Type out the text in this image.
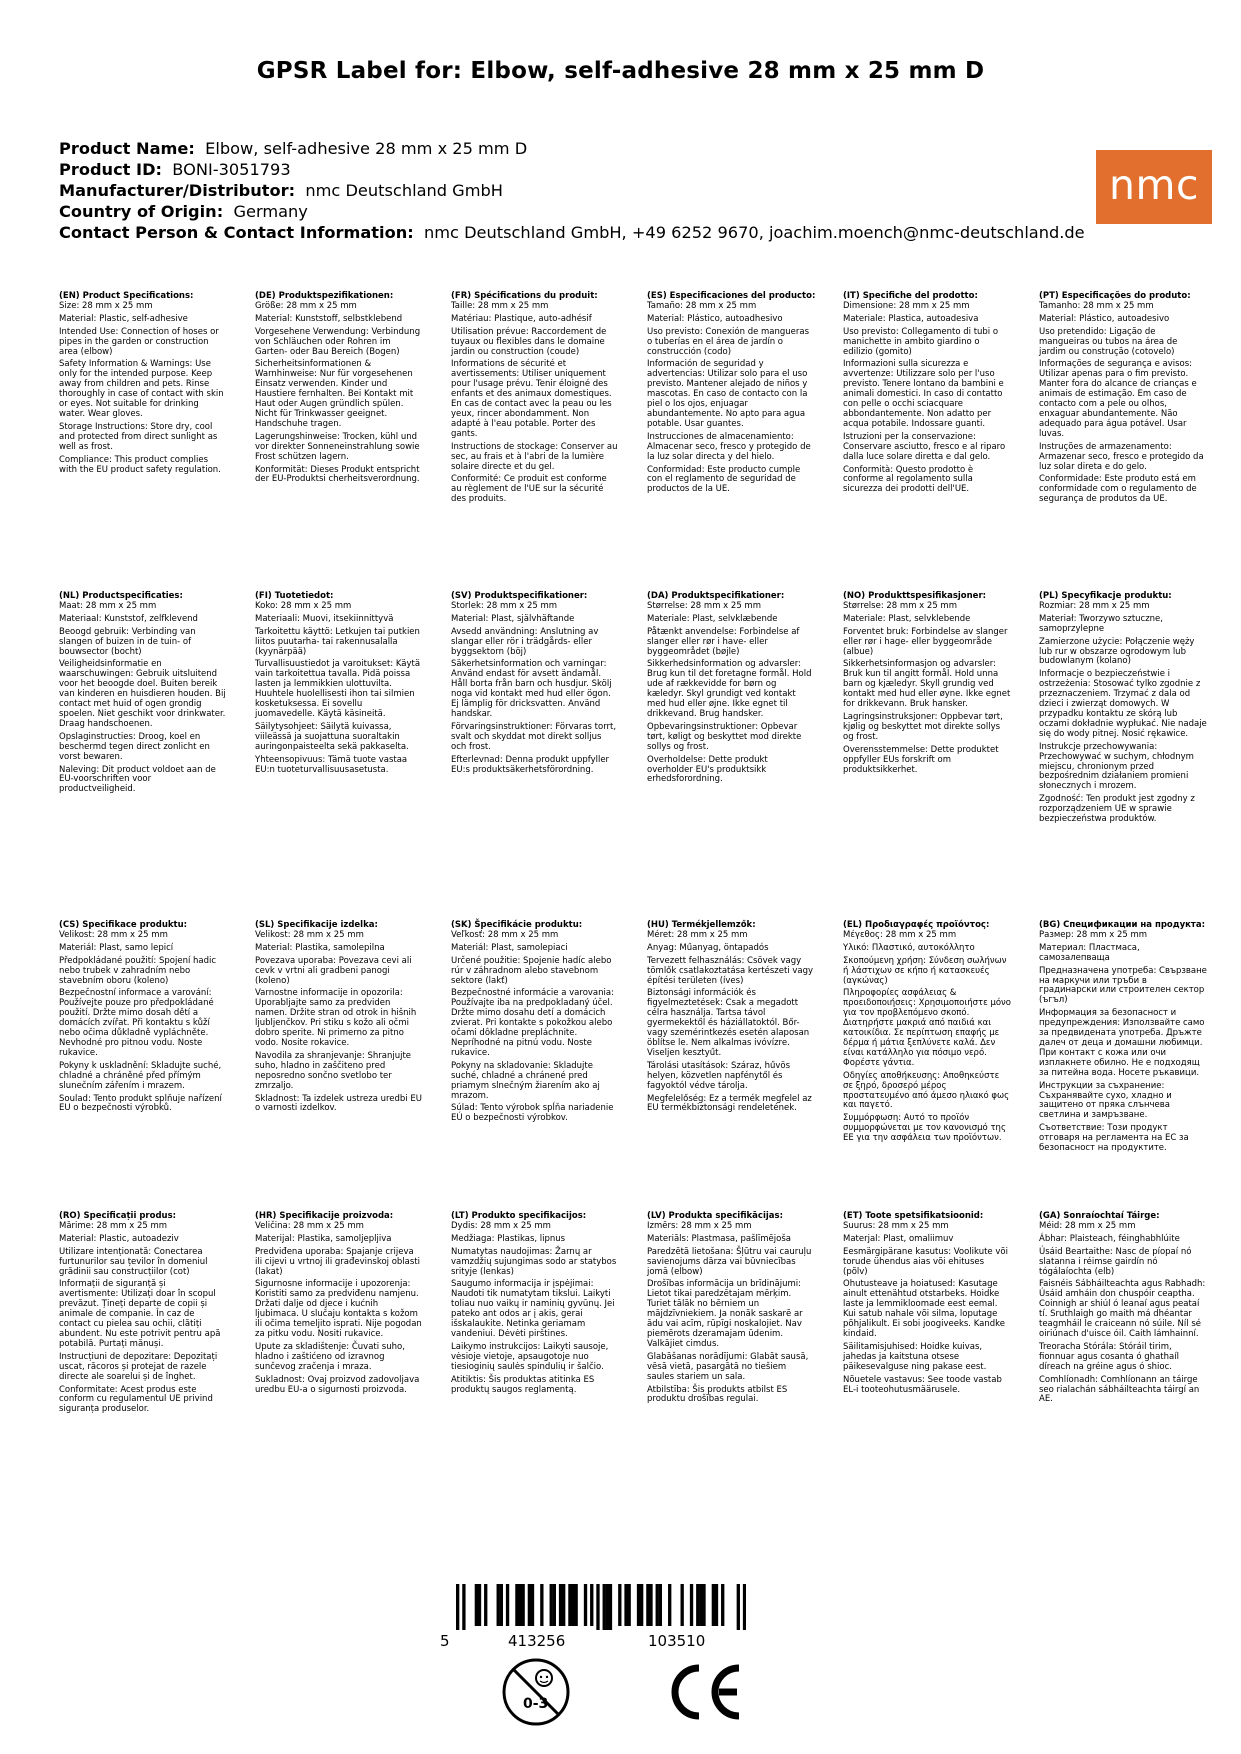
GPSR Label for: Elbow, self-adhesive 28 mm x 25 mm D
Product Name: Elbow, self-adhesive 28 mm x 25 mm D
Product ID: BONI-3051793
Manufacturer/Distributor: nmc Deutschland GmbH
Country of Origin: Germany
Contact Person & Contact Information: nmc Deutschland GmbH, +49 6252 9670, joachim.moench@nmc-deutschland.de
nmc
(EN) Product Specifications:
Size: 28 mm x 25 mm
Material: Plastic, self-adhesive
Intended Use: Connection of hoses or pipes in the garden or construction area (elbow)
Safety Information & Warnings: Use only for the intended purpose. Keep away from children and pets. Rinse thoroughly in case of contact with skin or eyes. Not suitable for drinking water. Wear gloves.
Storage Instructions: Store dry, cool and protected from direct sunlight as well as frost.
Compliance: This product complies with the EU product safety regulation.
(DE) Produktspezifikationen:
Größe: 28 mm x 25 mm
Material: Kunststoff, selbstklebend
Vorgesehene Verwendung: Verbindung von Schläuchen oder Rohren im Garten- oder Bau Bereich (Bogen)
Sicherheitsinformationen & Warnhinweise: Nur für vorgesehenen Einsatz verwenden. Kinder und Haustiere fernhalten. Bei Kontakt mit Haut oder Augen gründlich spülen. Nicht für Trinkwasser geeignet. Handschuhe tragen.
Lagerungshinweise: Trocken, kühl und vor direkter Sonneneinstrahlung sowie Frost schützen lagern.
Konformität: Dieses Produkt entspricht der EU-Produktsi cherheitsverordnung.
(FR) Spécifications du produit:
Taille: 28 mm x 25 mm
Matériau: Plastique, auto-adhésif
Utilisation prévue: Raccordement de tuyaux ou flexibles dans le domaine jardin ou construction (coude)
Informations de sécurité et avertissements: Utiliser uniquement pour l'usage prévu. Tenir éloigné des enfants et des animaux domestiques. En cas de contact avec la peau ou les yeux, rincer abondamment. Non adapté à l'eau potable. Porter des gants.
Instructions de stockage: Conserver au sec, au frais et à l'abri de la lumière solaire directe et du gel.
Conformité: Ce produit est conforme au règlement de l'UE sur la sécurité des produits.
(ES) Especificaciones del producto:
Tamaño: 28 mm x 25 mm
Material: Plástico, autoadhesivo
Uso previsto: Conexión de mangueras o tuberías en el área de jardín o construcción (codo)
Información de seguridad y advertencias: Utilizar solo para el uso previsto. Mantener alejado de niños y mascotas. En caso de contacto con la piel o los ojos, enjuagar abundantemente. No apto para agua potable. Usar guantes.
Instrucciones de almacenamiento: Almacenar seco, fresco y protegido de la luz solar directa y del hielo.
Conformidad: Este producto cumple con el reglamento de seguridad de productos de la UE.
(IT) Specifiche del prodotto:
Dimensione: 28 mm x 25 mm
Materiale: Plastica, autoadesiva
Uso previsto: Collegamento di tubi o manichette in ambito giardino o edilizio (gomito)
Informazioni sulla sicurezza e avvertenze: Utilizzare solo per l'uso previsto. Tenere lontano da bambini e animali domestici. In caso di contatto con pelle o occhi sciacquare abbondantemente. Non adatto per acqua potabile. Indossare guanti.
Istruzioni per la conservazione: Conservare asciutto, fresco e al riparo dalla luce solare diretta e dal gelo.
Conformità: Questo prodotto è conforme al regolamento sulla sicurezza dei prodotti dell'UE.
(PT) Especificações do produto:
Tamanho: 28 mm x 25 mm
Material: Plástico, autoadesivo
Uso pretendido: Ligação de mangueiras ou tubos na área de jardim ou construção (cotovelo)
Informações de segurança e avisos: Utilizar apenas para o fim previsto. Manter fora do alcance de crianças e animais de estimação. Em caso de contacto com a pele ou olhos, enxaguar abundantemente. Não adequado para água potável. Usar luvas.
Instruções de armazenamento: Armazenar seco, fresco e protegido da luz solar direta e do gelo.
Conformidade: Este produto está em conformidade com o regulamento de segurança de produtos da UE.
(NL) Productspecificaties:
Maat: 28 mm x 25 mm
Materiaal: Kunststof, zelfklevend
Beoogd gebruik: Verbinding van slangen of buizen in de tuin- of bouwsector (bocht)
Veiligheidsinformatie en waarschuwingen: Gebruik uitsluitend voor het beoogde doel. Buiten bereik van kinderen en huisdieren houden. Bij contact met huid of ogen grondig spoelen. Niet geschikt voor drinkwater. Draag handschoenen.
Opslaginstructies: Droog, koel en beschermd tegen direct zonlicht en vorst bewaren.
Naleving: Dit product voldoet aan de EU-voorschriften voor productveiligheid.
(FI) Tuotetiedot:
Koko: 28 mm x 25 mm
Materiaali: Muovi, itsekiinnittyvä
Tarkoitettu käyttö: Letkujen tai putkien liitos puutarha- tai rakennusalalla (kyynärpää)
Turvallisuustiedot ja varoitukset: Käytä vain tarkoitettua tavalla. Pidä poissa lasten ja lemmikkien ulottuvilta. Huuhtele huolellisesti ihon tai silmien kosketuksessa. Ei sovellu juomavedelle. Käytä käsineitä.
Säilytysohjeet: Säilytä kuivassa, viileässä ja suojattuna suoraltakin auringonpaisteelta sekä pakkaselta.
Yhteensopivuus: Tämä tuote vastaa EU:n tuoteturvallisuusasetusta.
(SV) Produktspecifikationer:
Storlek: 28 mm x 25 mm
Material: Plast, självhäftande
Avsedd användning: Anslutning av slangar eller rör i trädgårds- eller byggsektorn (böj)
Säkerhetsinformation och varningar: Använd endast för avsett ändamål. Håll borta från barn och husdjur. Skölj noga vid kontakt med hud eller ögon. Ej lämplig för dricksvatten. Använd handskar.
Förvaringsinstruktioner: Förvaras torrt, svalt och skyddat mot direkt solljus och frost.
Efterlevnad: Denna produkt uppfyller EU:s produktsäkerhetsförordning.
(DA) Produktspecifikationer:
Størrelse: 28 mm x 25 mm
Materiale: Plast, selvklæbende
Påtænkt anvendelse: Forbindelse af slanger eller rør i have- eller byggeområdet (bøjle)
Sikkerhedsinformation og advarsler: Brug kun til det foretagne formål. Hold ude af rækkevidde for børn og kæledyr. Skyl grundigt ved kontakt med hud eller øjne. Ikke egnet til drikkevand. Brug handsker.
Opbevaringsinstruktioner: Opbevar tørt, køligt og beskyttet mod direkte sollys og frost.
Overholdelse: Dette produkt overholder EU's produktsikk erhedsforordning.
(NO) Produkttspesifikasjoner:
Størrelse: 28 mm x 25 mm
Materiale: Plast, selvklebende
Forventet bruk: Forbindelse av slanger eller rør i hage- eller byggeområde (albue)
Sikkerhetsinformasjon og advarsler: Bruk kun til angitt formål. Hold unna barn og kjæledyr. Skyll grundig ved kontakt med hud eller øyne. Ikke egnet for drikkevann. Bruk hansker.
Lagringsinstruksjoner: Oppbevar tørt, kjølig og beskyttet mot direkte sollys og frost.
Overensstemmelse: Dette produktet oppfyller EUs forskrift om produktsikkerhet.
(PL) Specyfikacje produktu:
Rozmiar: 28 mm x 25 mm
Materiał: Tworzywo sztuczne, samoprzylepne
Zamierzone użycie: Połączenie węży lub rur w obszarze ogrodowym lub budowlanym (kolano)
Informacje o bezpieczeństwie i ostrzeżenia: Stosować tylko zgodnie z przeznaczeniem. Trzymać z dala od dzieci i zwierząt domowych. W przypadku kontaktu ze skórą lub oczami dokładnie wypłukać. Nie nadaje się do wody pitnej. Nosić rękawice.
Instrukcje przechowywania: Przechowywać w suchym, chłodnym miejscu, chronionym przed bezpośrednim działaniem promieni słonecznych i mrozem.
Zgodność: Ten produkt jest zgodny z rozporządzeniem UE w sprawie bezpieczeństwa produktów.
(CS) Specifikace produktu:
Velikost: 28 mm x 25 mm
Materiál: Plast, samo lepicí
Předpokládané použití: Spojení hadic nebo trubek v zahradním nebo stavebním oboru (koleno)
Bezpečnostní informace a varování: Používejte pouze pro předpokládané použití. Držte mimo dosah dětí a domácích zvířat. Při kontaktu s kůží nebo očima důkladně vypláchněte. Nevhodné pro pitnou vodu. Noste rukavice.
Pokyny k uskladnění: Skladujte suché, chladné a chráněné před přímým slunečním zářením i mrazem.
Soulad: Tento produkt splňuje nařízení EU o bezpečnosti výrobků.
(SL) Specifikacije izdelka:
Velikost: 28 mm x 25 mm
Material: Plastika, samolepilna
Povezava uporaba: Povezava cevi ali cevk v vrtni ali gradbeni panogi (koleno)
Varnostne informacije in opozorila: Uporabljajte samo za predviden namen. Držite stran od otrok in hišnih ljubljenčkov. Pri stiku s kožo ali očmi dobro sperite. Ni primerno za pitno vodo. Nosite rokavice.
Navodila za shranjevanje: Shranjujte suho, hladno in zaščiteno pred neposredno sončno svetlobo ter zmrzaljo.
Skladnost: Ta izdelek ustreza uredbi EU o varnosti izdelkov.
(SK) Špecifikácie produktu:
Veľkosť: 28 mm x 25 mm
Materiál: Plast, samolepiaci
Určené použitie: Spojenie hadíc alebo rúr v záhradnom alebo stavebnom sektore (lakť)
Bezpečnostné informácie a varovania: Používajte iba na predpokladaný účel. Držte mimo dosahu detí a domácich zvierat. Pri kontakte s pokožkou alebo očami dôkladne prepláchnite. Nepríhodné na pitnú vodu. Noste rukavice.
Pokyny na skladovanie: Skladujte suché, chladné a chránené pred priamym slnečným žiarením ako aj mrazom.
Súlad: Tento výrobok spĺňa nariadenie EÚ o bezpečnosti výrobkov.
(HU) Termékjellemzők:
Méret: 28 mm x 25 mm
Anyag: Műanyag, öntapadós
Tervezett felhasználás: Csövek vagy tömlők csatlakoztatása kertészeti vagy építési területen (íves)
Biztonsági információk és figyelmeztetések: Csak a megadott célra használja. Tartsa távol gyermekektől és háziállatoktól. Bőr- vagy szemérintkezés esetén alaposan öblítse le. Nem alkalmas ivóvízre. Viseljen kesztyűt.
Tárolási utasítások: Száraz, hűvös helyen, közvetlen napfénytől és fagyoktól védve tárolja.
Megfelelőség: Ez a termék megfelel az EU termékbiztonsági rendeletének.
(EL) Προδιαγραφές προϊόντος:
Μέγεθος: 28 mm x 25 mm
Υλικό: Πλαστικό, αυτοκόλλητο
Σκοπούμενη χρήση: Σύνδεση σωλήνων ή λάστιχων σε κήπο ή κατασκευές (αγκώνας)
Πληροφορίες ασφάλειας & προειδοποιήσεις: Χρησιμοποιήστε μόνο για τον προβλεπόμενο σκοπό. Διατηρήστε μακριά από παιδιά και κατοικίδια. Σε περίπτωση επαφής με δέρμα ή μάτια ξεπλύνετε καλά. Δεν είναι κατάλληλο για πόσιμο νερό. Φορέστε γάντια.
Οδηγίες αποθήκευσης: Αποθηκεύστε σε ξηρό, δροσερό μέρος προστατευμένο από άμεσο ηλιακό φως και παγετό.
Συμμόρφωση: Αυτό το προϊόν συμμορφώνεται με τον κανονισμό της ΕΕ για την ασφάλεια των προϊόντων.
(BG) Спецификации на продукта:
Размер: 28 mm x 25 mm
Материал: Пластмаса, самозалепваща
Предназначена употреба: Свързване на маркучи или тръби в градинарски или строителен сектор (ъгъл)
Информация за безопасност и предупреждения: Използвайте само за предвидената употреба. Дръжте далеч от деца и домашни любимци. При контакт с кожа или очи изплакнете обилно. Не е подходящ за питейна вода. Носете ръкавици.
Инструкции за съхранение: Съхранявайте сухо, хладно и защитено от пряка слънчева светлина и замръзване.
Съответствие: Този продукт отговаря на регламента на ЕС за безопасност на продуктите.
(RO) Specificații produs:
Mărime: 28 mm x 25 mm
Material: Plastic, autoadeziv
Utilizare intenționată: Conectarea furtunurilor sau țevilor în domeniul grădinii sau construcțiilor (cot)
Informații de siguranță și avertismente: Utilizați doar în scopul prevăzut. Țineți departe de copii și animale de companie. În caz de contact cu pielea sau ochii, clătiți abundent. Nu este potrivit pentru apă potabilă. Purtați mănuși.
Instrucțiuni de depozitare: Depozitați uscat, răcoros și protejat de razele directe ale soarelui și de înghet.
Conformitate: Acest produs este conform cu regulamentul UE privind siguranța produselor.
(HR) Specifikacije proizvoda:
Veličina: 28 mm x 25 mm
Materijal: Plastika, samoljepljiva
Predviđena uporaba: Spajanje crijeva ili cijevi u vrtnoj ili građevinskoj oblasti (lakat)
Sigurnosne informacije i upozorenja: Koristiti samo za predviđenu namjenu. Držati dalje od djece i kućnih ljubimaca. U slučaju kontakta s kožom ili očima temeljito isprati. Nije pogodan za pitku vodu. Nositi rukavice.
Upute za skladištenje: Čuvati suho, hladno i zaštićeno od izravnog sunčevog zračenja i mraza.
Sukladnost: Ovaj proizvod zadovoljava uredbu EU-a o sigurnosti proizvoda.
(LT) Produkto specifikacijos:
Dydis: 28 mm x 25 mm
Medžiaga: Plastikas, lipnus
Numatytas naudojimas: Žarnų ar vamzdžių sujungimas sodo ar statybos srityje (lenkas)
Saugumo informacija ir įspėjimai: Naudoti tik numatytam tikslui. Laikyti toliau nuo vaikų ir naminių gyvūnų. Jei pateko ant odos ar į akis, gerai išskalaukite. Netinka geriamam vandeniui. Dėvėti pirštines.
Laikymo instrukcijos: Laikyti sausoje, vėsioje vietoje, apsaugotoje nuo tiesioginių saulės spindulių ir šalčio.
Atitiktis: Šis produktas atitinka ES produktų saugos reglamentą.
(LV) Produkta specifikācijas:
Izmērs: 28 mm x 25 mm
Materiāls: Plastmasa, pašlīmējoša
Paredzētā lietošana: Šļūtru vai cauruļu savienojums dārza vai būvniecības jomā (elbow)
Drošības informācija un brīdinājumi: Lietot tikai paredzētajam mērķim. Turiet tālāk no bērniem un mājdzīvniekiem. Ja nonāk saskarē ar ādu vai acīm, rūpīgi noskalojiet. Nav piemērots dzeramajam ūdenim. Valkājiet cimdus.
Glabāšanas norādījumi: Glabāt sausā, vēsā vietā, pasargātā no tiešiem saules stariem un sala.
Atbilstība: Šis produkts atbilst ES produktu drošības regulai.
(ET) Toote spetsifikatsioonid:
Suurus: 28 mm x 25 mm
Materjal: Plast, omaliimuv
Eesmärgipärane kasutus: Voolikute või torude ühendus aias või ehituses (põlv)
Ohutusteave ja hoiatused: Kasutage ainult ettenähtud otstarbeks. Hoidke laste ja lemmikloomade eest eemal. Kui satub nahale või silma, loputage põhjalikult. Ei sobi joogiveeks. Kandke kindaid.
Säilitamisjuhised: Hoidke kuivas, jahedas ja kaitstuna otsese päikesevalguse ning pakase eest.
Nõuetele vastavus: See toode vastab EL-i tooteohutusmäärusele.
(GA) Sonraíochtaí Táirge:
Méid: 28 mm x 25 mm
Ábhar: Plaisteach, féinghabhlúite
Úsáid Beartaithe: Nasc de píopaí nó slatanna i réimse gairdín nó tógálaíochta (elb)
Faisnéis Sábháilteachta agus Rabhadh: Úsáid amháin don chuspóir ceaptha. Coinnigh ar shiúl ó leanaí agus peataí tí. Sruthlaigh go maith má dhéantar teagmháil le craiceann nó súile. Níl sé oiriúnach d'uisce óil. Caith lámhainní.
Treoracha Stórála: Stóráil tirim, fionnuar agus cosanta ó ghathaíl díreach na gréine agus ó shioc.
Comhlíonadh: Comhlíonann an táirge seo rialachán sábháilteachta táirgí an AE.
5	413256	103510
0-3
